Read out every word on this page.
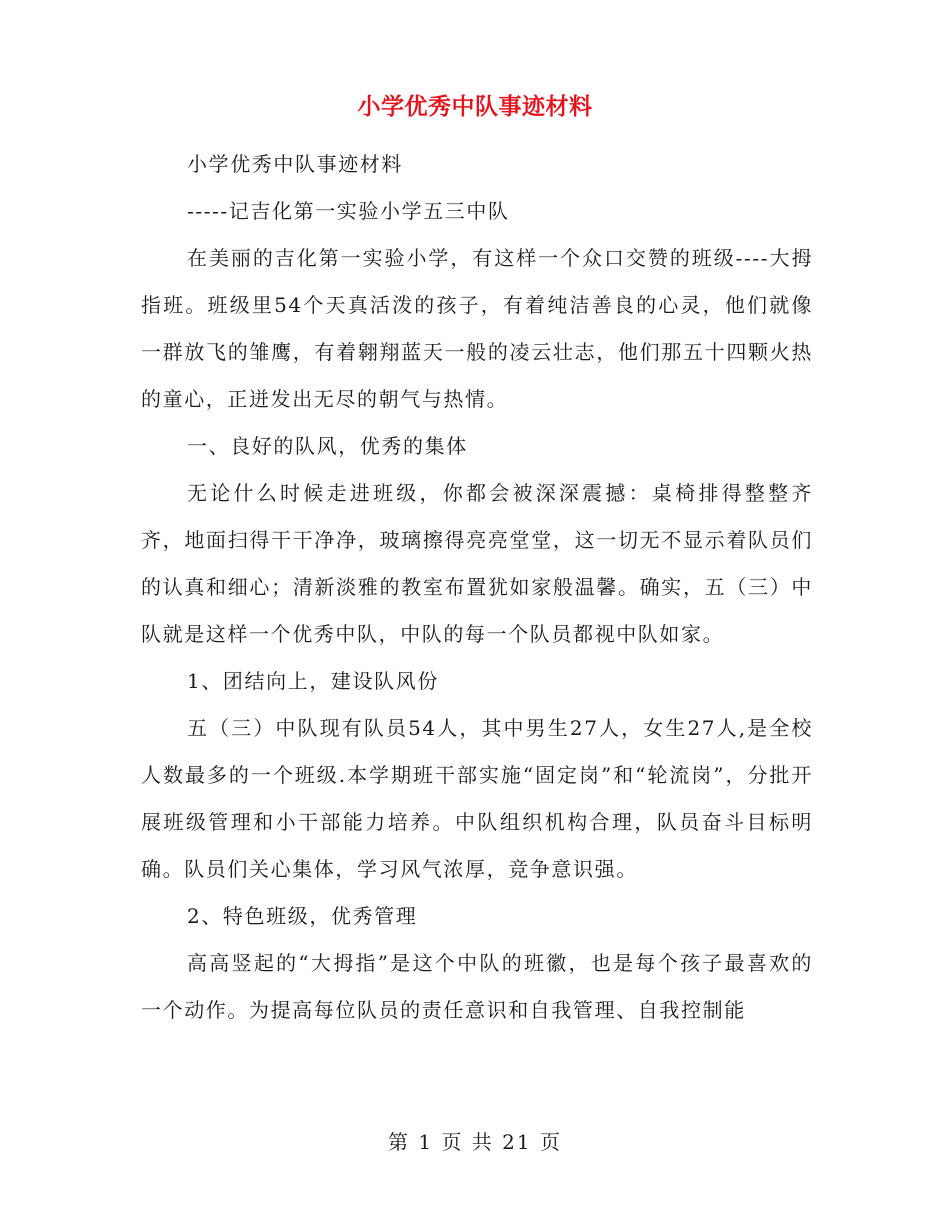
小学优秀中队事迹材料

小学优秀中队事迹材料

-----记吉化第一实验小学五三中队

在美丽的吉化第一实验小学，有这样一个众口交赞的班级----大拇指班。班级里54个天真活泼的孩子，有着纯洁善良的心灵，他们就像一群放飞的雏鹰，有着翱翔蓝天一般的凌云壮志，他们那五十四颗火热的童心，正迸发出无尽的朝气与热情。

一、良好的队风，优秀的集体

无论什么时候走进班级，你都会被深深震撼：桌椅排得整整齐齐，地面扫得干干净净，玻璃擦得亮亮堂堂，这一切无不显示着队员们的认真和细心；清新淡雅的教室布置犹如家般温馨。确实，五（三）中队就是这样一个优秀中队，中队的每一个队员都视中队如家。

1、团结向上，建设队风份

五（三）中队现有队员54人，其中男生27人，女生27人,是全校人数最多的一个班级.本学期班干部实施“固定岗”和“轮流岗”，分批开展班级管理和小干部能力培养。中队组织机构合理，队员奋斗目标明确。队员们关心集体，学习风气浓厚，竞争意识强。

2、特色班级，优秀管理

高高竖起的“大拇指”是这个中队的班徽，也是每个孩子最喜欢的一个动作。为提高每位队员的责任意识和自我管理、自我控制能

第 1 页 共 21 页
